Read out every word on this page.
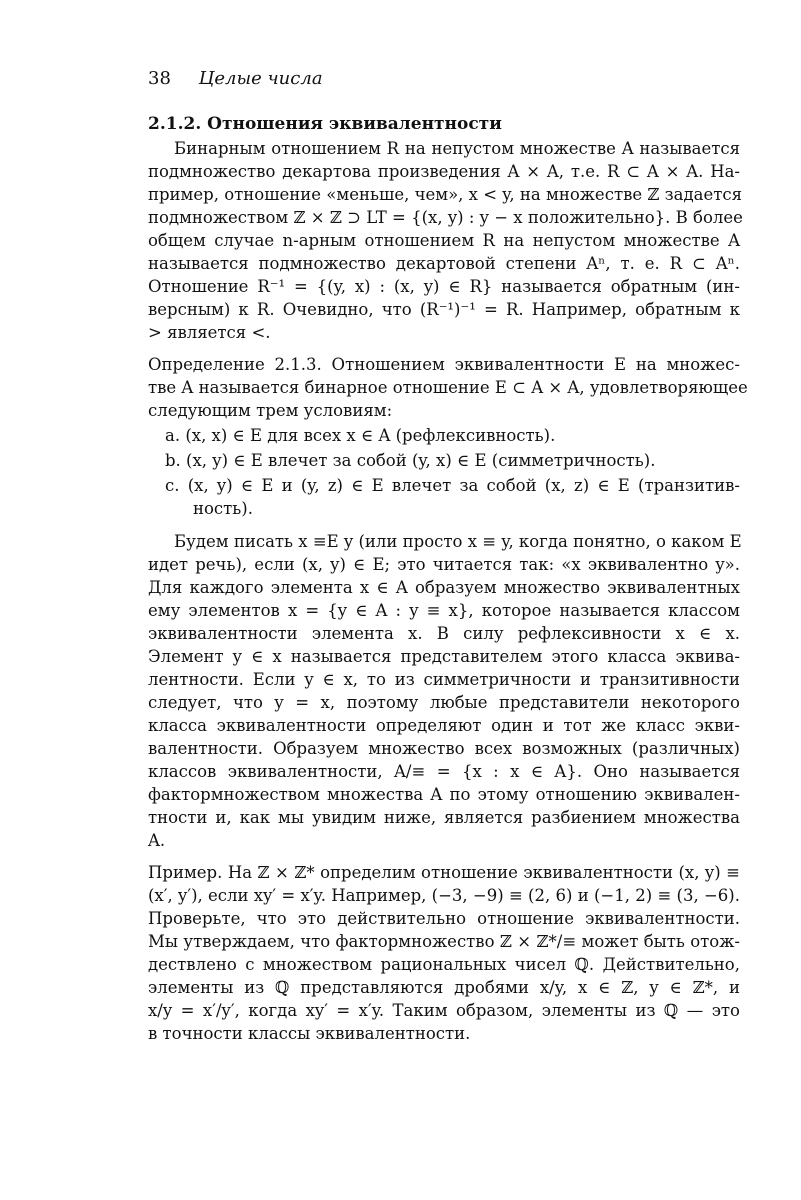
38 Целые числа
2.1.2. Отношения эквивалентности
Бинарным отношением R на непустом множестве A называется
подмножество декартова произведения A × A, т.е. R ⊂ A × A. На-
пример, отношение «меньше, чем», x < y, на множестве ℤ задается
подмножеством ℤ × ℤ ⊃ LT = {(x, y) : y − x положительно}. В более
общем случае n-арным отношением R на непустом множестве A
называется подмножество декартовой степени Aⁿ, т. е. R ⊂ Aⁿ.
Отношение R⁻¹ = {(y, x) : (x, y) ∈ R} называется обратным (ин-
версным) к R. Очевидно, что (R⁻¹)⁻¹ = R. Например, обратным к
> является <.
Определение 2.1.3. Отношением эквивалентности E на множес-
тве A называется бинарное отношение E ⊂ A × A, удовлетворяющее
следующим трем условиям:
a. (x, x) ∈ E для всех x ∈ A (рефлексивность).
b. (x, y) ∈ E влечет за собой (y, x) ∈ E (симметричность).
c. (x, y) ∈ E и (y, z) ∈ E влечет за собой (x, z) ∈ E (транзитив-
ность).
Будем писать x ≡E y (или просто x ≡ y, когда понятно, о каком E
идет речь), если (x, y) ∈ E; это читается так: «x эквивалентно y».
Для каждого элемента x ∈ A образуем множество эквивалентных
ему элементов x = {y ∈ A : y ≡ x}, которое называется классом
эквивалентности элемента x. В силу рефлексивности x ∈ x.
Элемент y ∈ x называется представителем этого класса эквива-
лентности. Если y ∈ x, то из симметричности и транзитивности
следует, что y = x, поэтому любые представители некоторого
класса эквивалентности определяют один и тот же класс экви-
валентности. Образуем множество всех возможных (различных)
классов эквивалентности, A/≡ = {x : x ∈ A}. Оно называется
фактормножеством множества A по этому отношению эквивален-
тности и, как мы увидим ниже, является разбиением множества
A.
Пример. На ℤ × ℤ* определим отношение эквивалентности (x, y) ≡
(x′, y′), если xy′ = x′y. Например, (−3, −9) ≡ (2, 6) и (−1, 2) ≡ (3, −6).
Проверьте, что это действительно отношение эквивалентности.
Мы утверждаем, что фактормножество ℤ × ℤ*/≡ может быть отож-
дествлено с множеством рациональных чисел ℚ. Действительно,
элементы из ℚ представляются дробями x/y, x ∈ ℤ, y ∈ ℤ*, и
x/y = x′/y′, когда xy′ = x′y. Таким образом, элементы из ℚ — это
в точности классы эквивалентности.
